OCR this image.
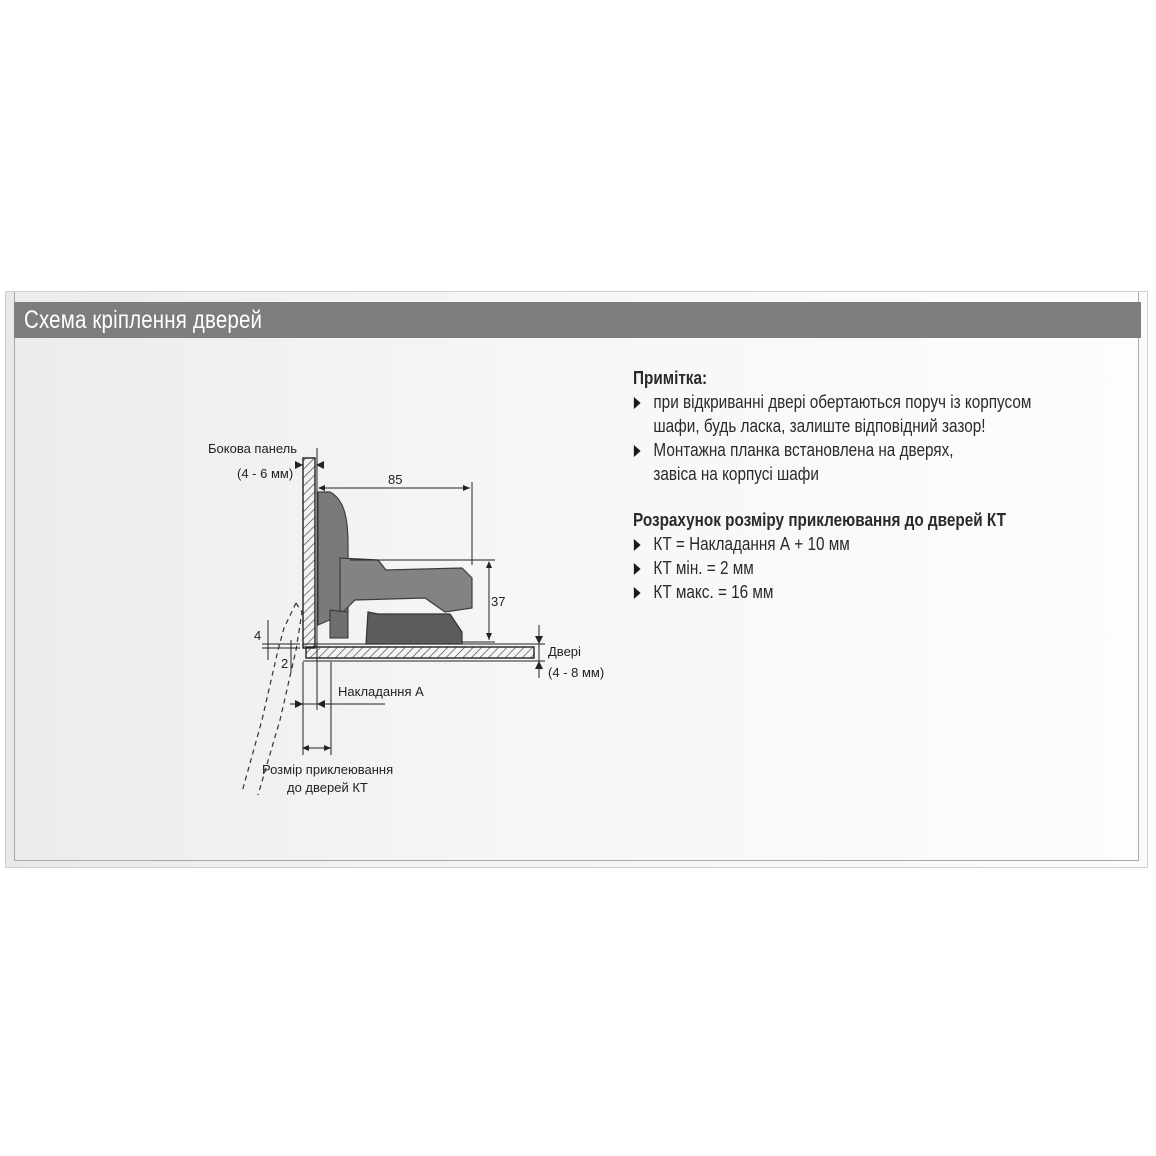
Схема кріплення дверей
85
37
Двері
(4 - 8 мм)
Бокова панель
(4 - 6 мм)
4
2
Накладання А
Розмір приклеювання
до дверей КТ
Примітка:
при відкриванні двері обертаються поруч із корпусом
шафи, будь ласка, залиште відповідний зазор!
Монтажна планка встановлена на дверях,
завіса на корпусі шафи
Розрахунок розміру приклеювання до дверей КТ
КТ = Накладання А + 10 мм
КТ мін. = 2 мм
КТ макс. = 16 мм
